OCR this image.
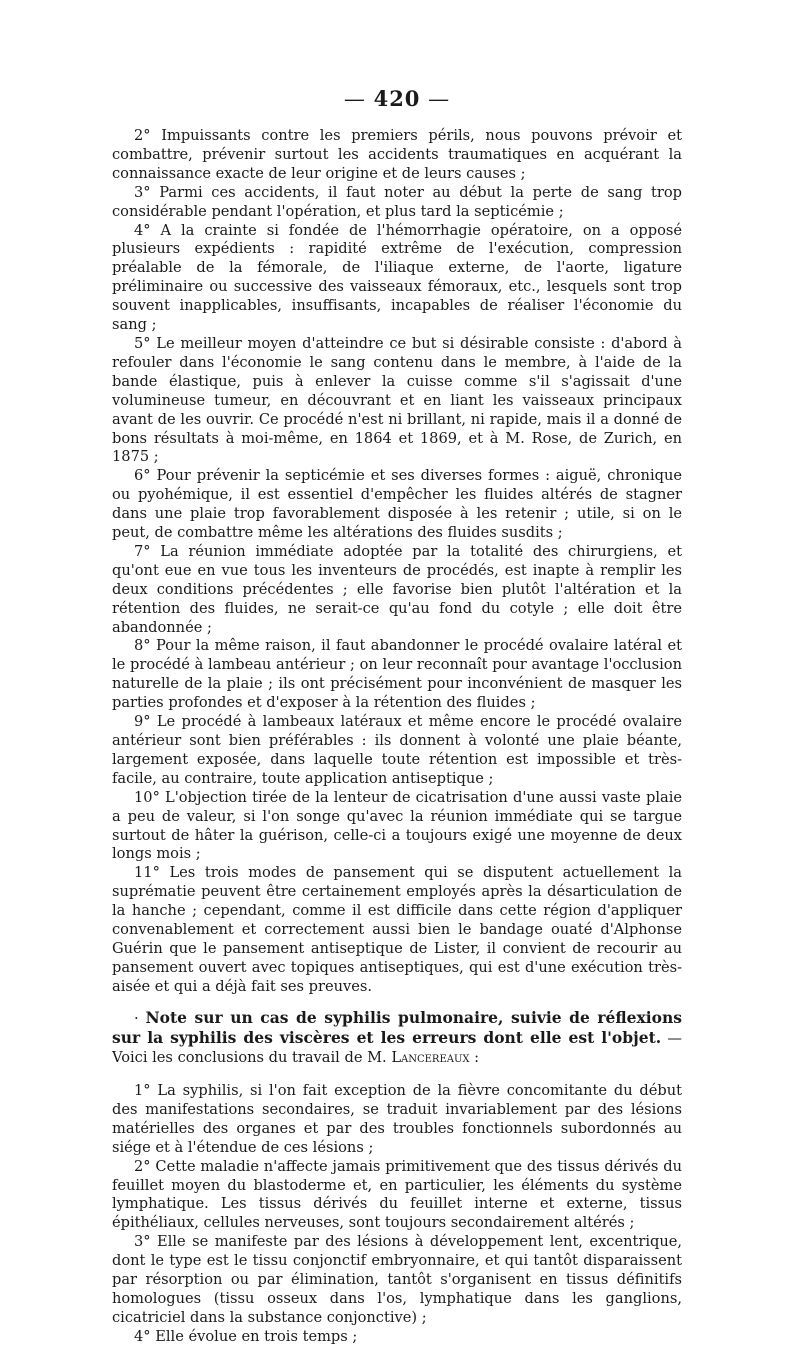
— 420 —

2° Impuissants contre les premiers périls, nous pouvons prévoir et combattre, prévenir surtout les accidents traumatiques en acquérant la connaissance exacte de leur origine et de leurs causes ;

3° Parmi ces accidents, il faut noter au début la perte de sang trop considérable pendant l'opération, et plus tard la septicémie ;

4° A la crainte si fondée de l'hémorrhagie opératoire, on a opposé plusieurs expédients : rapidité extrême de l'exécution, compression préalable de la fémorale, de l'iliaque externe, de l'aorte, ligature préliminaire ou successive des vaisseaux fémoraux, etc., lesquels sont trop souvent inapplicables, insuffisants, incapables de réaliser l'économie du sang ;

5° Le meilleur moyen d'atteindre ce but si désirable consiste : d'abord à refouler dans l'économie le sang contenu dans le membre, à l'aide de la bande élastique, puis à enlever la cuisse comme s'il s'agissait d'une volumineuse tumeur, en découvrant et en liant les vaisseaux principaux avant de les ouvrir. Ce procédé n'est ni brillant, ni rapide, mais il a donné de bons résultats à moi-même, en 1864 et 1869, et à M. Rose, de Zurich, en 1875 ;

6° Pour prévenir la septicémie et ses diverses formes : aiguë, chronique ou pyohémique, il est essentiel d'empêcher les fluides altérés de stagner dans une plaie trop favorablement disposée à les retenir ; utile, si on le peut, de combattre même les altérations des fluides susdits ;

7° La réunion immédiate adoptée par la totalité des chirurgiens, et qu'ont eue en vue tous les inventeurs de procédés, est inapte à remplir les deux conditions précédentes ; elle favorise bien plutôt l'altération et la rétention des fluides, ne serait-ce qu'au fond du cotyle ; elle doit être abandonnée ;

8° Pour la même raison, il faut abandonner le procédé ovalaire latéral et le procédé à lambeau antérieur ; on leur reconnaît pour avantage l'occlusion naturelle de la plaie ; ils ont précisément pour inconvénient de masquer les parties profondes et d'exposer à la rétention des fluides ;

9° Le procédé à lambeaux latéraux et même encore le procédé ovalaire antérieur sont bien préférables : ils donnent à volonté une plaie béante, largement exposée, dans laquelle toute rétention est impossible et très-facile, au contraire, toute application antiseptique ;

10° L'objection tirée de la lenteur de cicatrisation d'une aussi vaste plaie a peu de valeur, si l'on songe qu'avec la réunion immédiate qui se targue surtout de hâter la guérison, celle-ci a toujours exigé une moyenne de deux longs mois ;

11° Les trois modes de pansement qui se disputent actuellement la suprématie peuvent être certainement employés après la désarticulation de la hanche ; cependant, comme il est difficile dans cette région d'appliquer convenablement et correctement aussi bien le bandage ouaté d'Alphonse Guérin que le pansement antiseptique de Lister, il convient de recourir au pansement ouvert avec topiques antiseptiques, qui est d'une exécution très-aisée et qui a déjà fait ses preuves.

· Note sur un cas de syphilis pulmonaire, suivie de réflexions sur la syphilis des viscères et les erreurs dont elle est l'objet. — Voici les conclusions du travail de M. Lancereaux :

1° La syphilis, si l'on fait exception de la fièvre concomitante du début des manifestations secondaires, se traduit invariablement par des lésions matérielles des organes et par des troubles fonctionnels subordonnés au siége et à l'étendue de ces lésions ;

2° Cette maladie n'affecte jamais primitivement que des tissus dérivés du feuillet moyen du blastoderme et, en particulier, les éléments du système lymphatique. Les tissus dérivés du feuillet interne et externe, tissus épithéliaux, cellules nerveuses, sont toujours secondairement altérés ;

3° Elle se manifeste par des lésions à développement lent, excentrique, dont le type est le tissu conjonctif embryonnaire, et qui tantôt disparaissent par résorption ou par élimination, tantôt s'organisent en tissus définitifs homologues (tissu osseux dans l'os, lymphatique dans les ganglions, cicatriciel dans la substance conjonctive) ;

4° Elle évolue en trois temps ;
